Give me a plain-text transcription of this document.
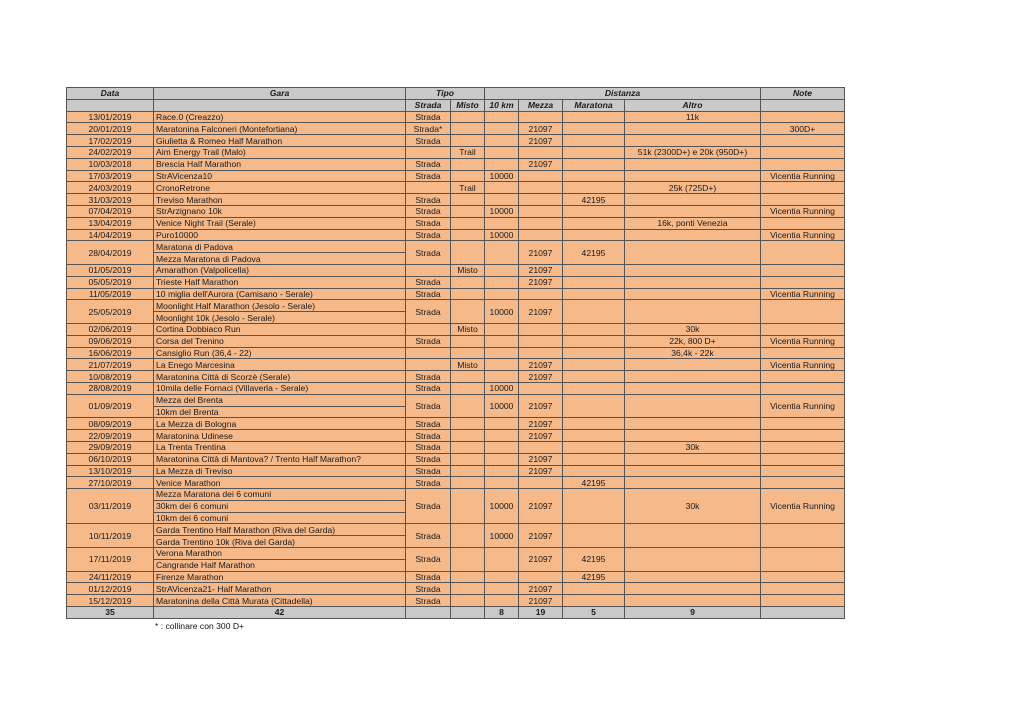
Data	Gara	Tipo		Distanza				Note
		Strada	Misto	10 km	Mezza	Maratona	Altro	
13/01/2019	Race.0 (Creazzo)	Strada					11k	
20/01/2019	Maratonina Falconeri (Montefortiana)	Strada*			21097			300D+
17/02/2019	Giulietta & Romeo Half Marathon	Strada			21097			
24/02/2019	Aim Energy Trail (Malo)		Trail				51k (2300D+) e 20k (950D+)	
10/03/2018	Brescia Half Marathon	Strada			21097			
17/03/2019	StrAVicenza10	Strada		10000				Vicentia Running
24/03/2019	CronoRetrone		Trail				25k (725D+)	
31/03/2019	Treviso Marathon	Strada				42195		
07/04/2019	StrArzignano 10k	Strada		10000				Vicentia Running
13/04/2019	Venice Night Trail (Serale)	Strada					16k, ponti Venezia	
14/04/2019	Puro10000	Strada		10000				Vicentia Running
28/04/2019	Maratona di Padova	Strada			21097	42195		
	Mezza Maratona di Padova							
01/05/2019	Amarathon (Valpolicella)		Misto		21097			
05/05/2019	Trieste Half Marathon	Strada			21097			
11/05/2019	10 miglia dell'Aurora (Camisano - Serale)	Strada						Vicentia Running
25/05/2019	Moonlight Half Marathon (Jesolo - Serale)	Strada		10000	21097			
	Moonlight 10k (Jesolo - Serale)							
02/06/2019	Cortina Dobbiaco Run		Misto				30k	
09/06/2019	Corsa del Trenino	Strada					22k, 800 D+	Vicentia Running
16/06/2019	Cansiglio Run (36,4 - 22)						36,4k - 22k	
21/07/2019	La Enego Marcesina		Misto		21097			Vicentia Running
10/08/2019	Maratonina Città di Scorzè (Serale)	Strada			21097			
28/08/2019	10mila delle Fornaci (Villaverla - Serale)	Strada		10000				
01/09/2019	Mezza del Brenta	Strada		10000	21097			Vicentia Running
	10km del Brenta							
08/09/2019	La Mezza di Bologna	Strada			21097			
22/09/2019	Maratonina Udinese	Strada			21097			
29/09/2019	La Trenta Trentina	Strada					30k	
06/10/2019	Maratonina Città di Mantova? / Trento Half Marathon?	Strada			21097			
13/10/2019	La Mezza di Treviso	Strada			21097			
27/10/2019	Venice Marathon	Strada				42195		
03/11/2019	Mezza Maratona dei 6 comuni	Strada		10000	21097		30k	Vicentia Running
	30km dei 6 comuni							
	10km dei 6 comuni							
10/11/2019	Garda Trentino Half Marathon (Riva del Garda)	Strada		10000	21097			
	Garda Trentino 10k (Riva del Garda)							
17/11/2019	Verona Marathon	Strada			21097	42195		
	Cangrande Half Marathon							
24/11/2019	Firenze Marathon	Strada				42195		
01/12/2019	StrAVicenza21- Half Marathon	Strada			21097			
15/12/2019	Maratonina della Città Murata (Cittadella)	Strada			21097			
35	42			8	19	5	9	
* : collinare con 300 D+
